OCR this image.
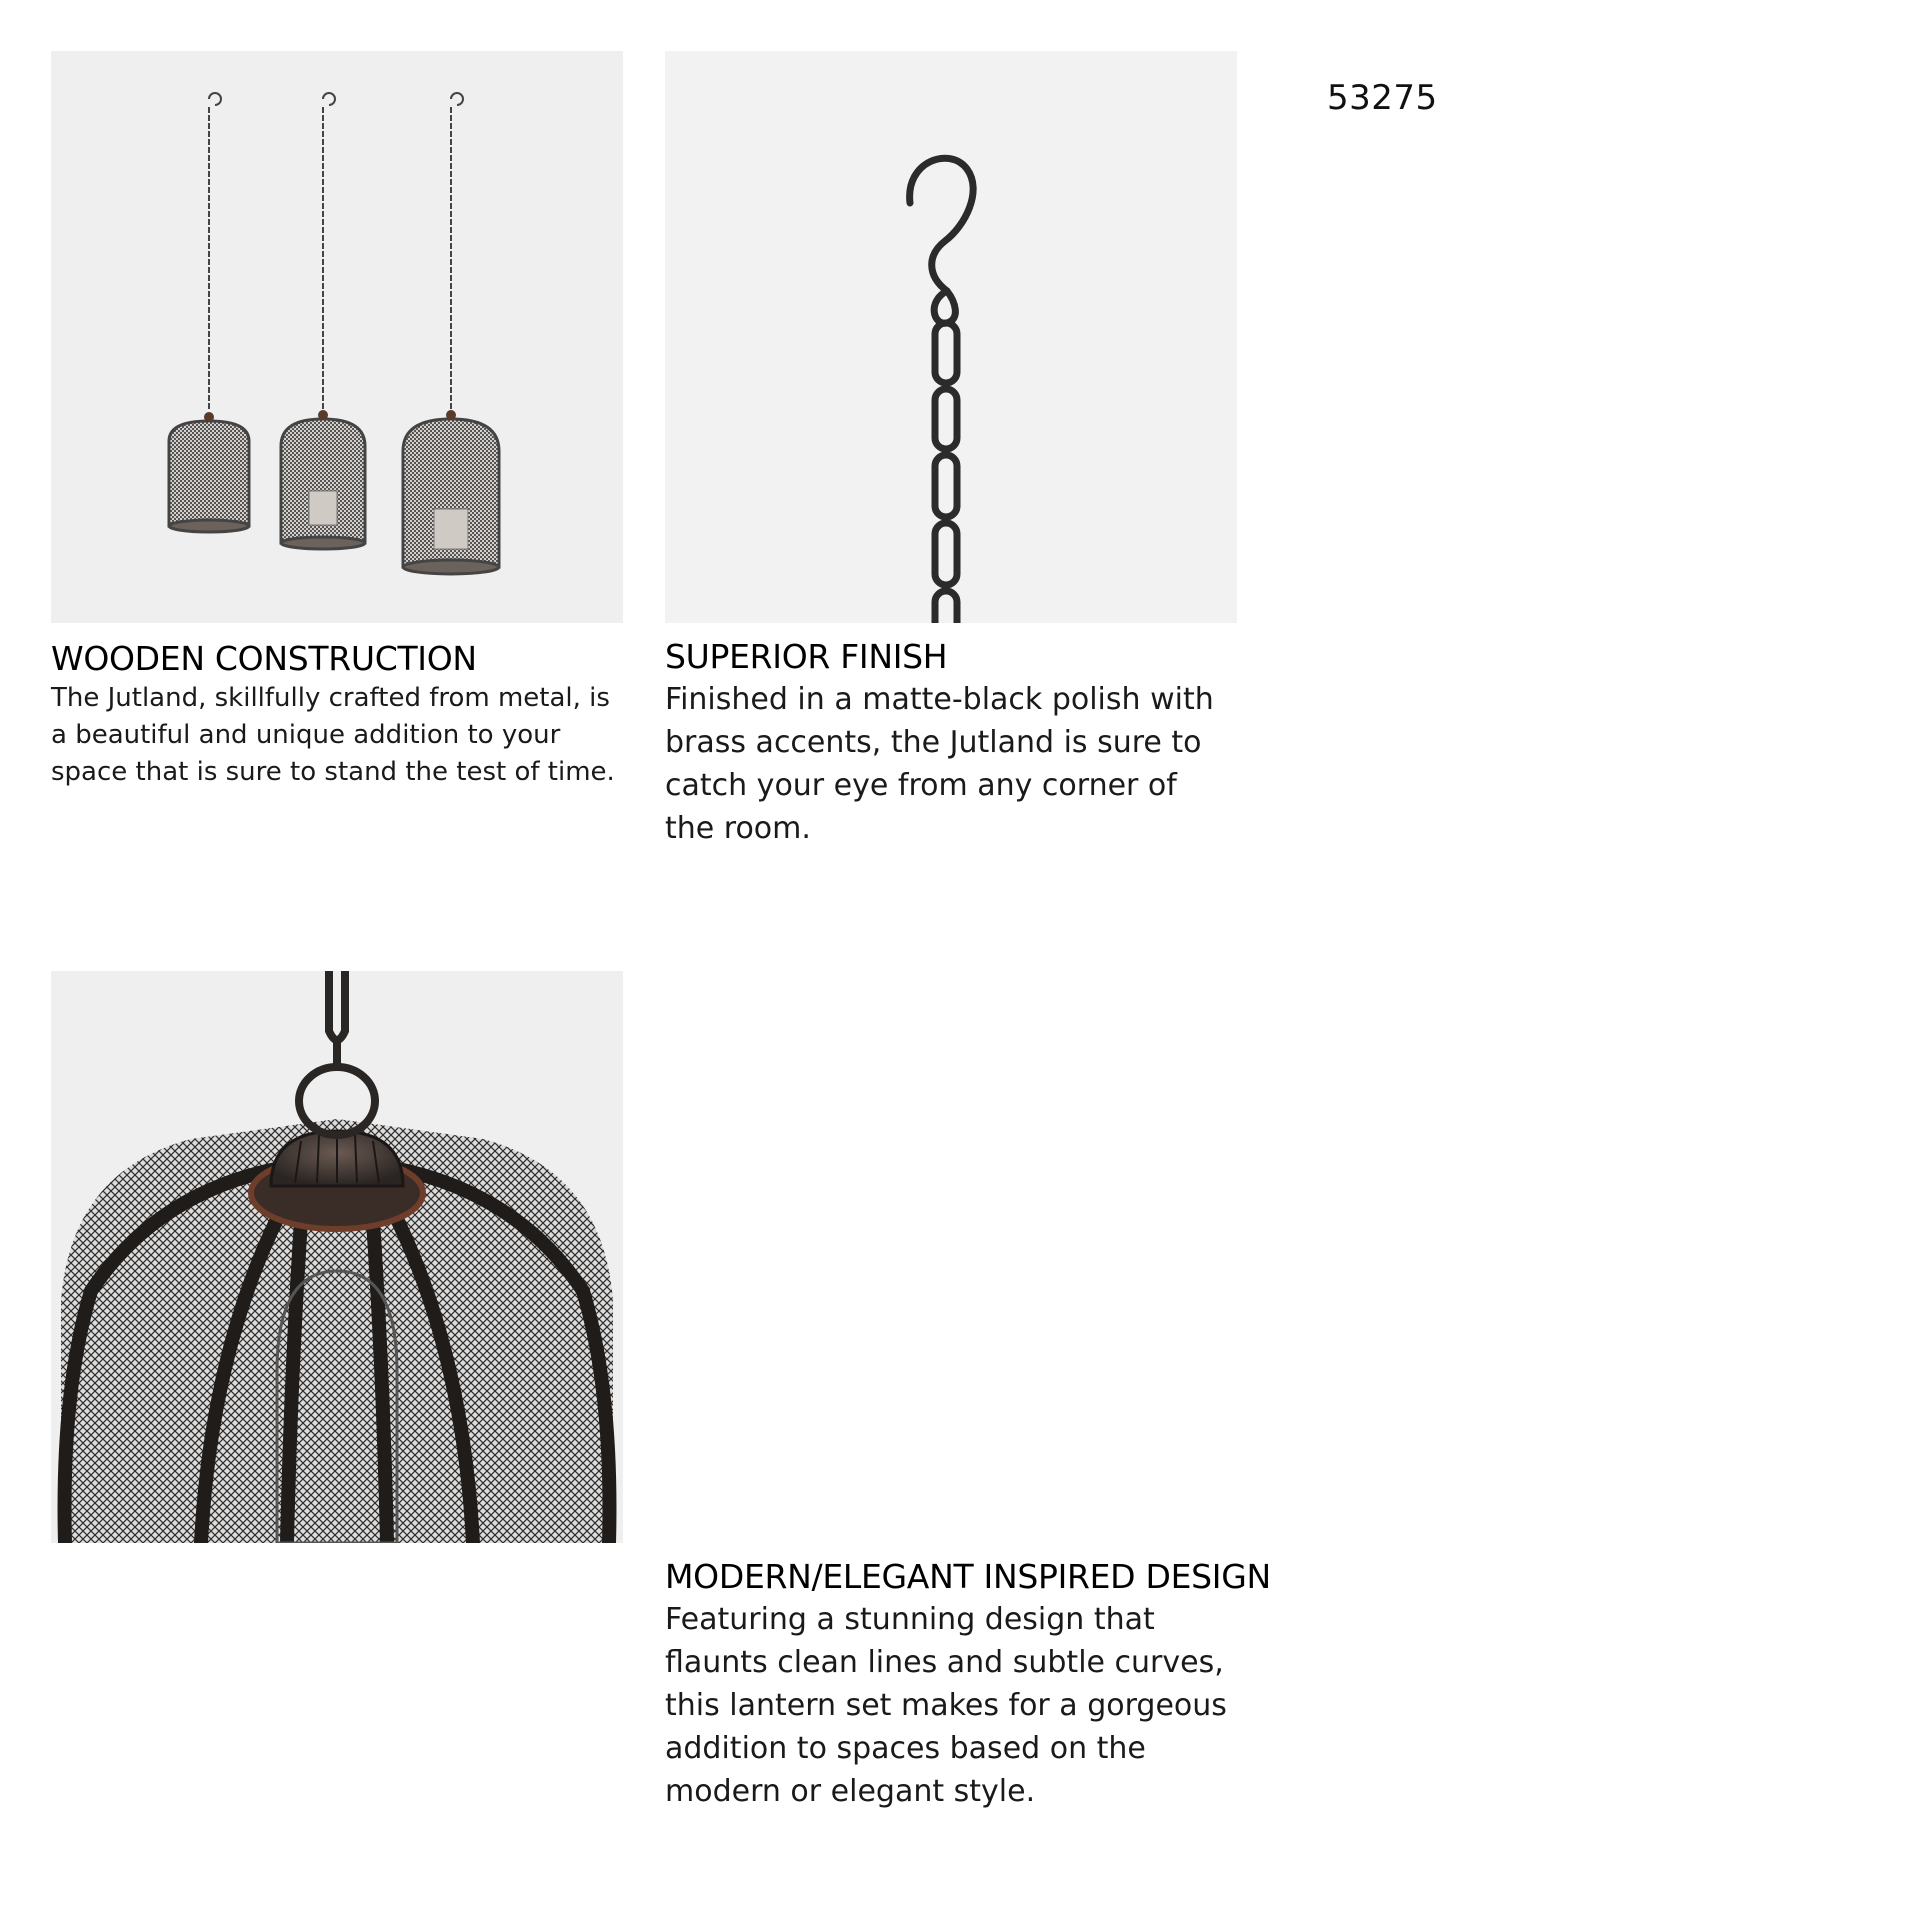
53275
WOODEN CONSTRUCTION

The Jutland, skillfully crafted from metal, is a beautiful and unique addition to your space that is sure to stand the test of time.

SUPERIOR FINISH

Finished in a matte-black polish with brass accents, the Jutland is sure to catch your eye from any corner of the room.

MODERN/ELEGANT INSPIRED DESIGN

Featuring a stunning design that flaunts clean lines and subtle curves, this lantern set makes for a gorgeous addition to spaces based on the modern or elegant style.
